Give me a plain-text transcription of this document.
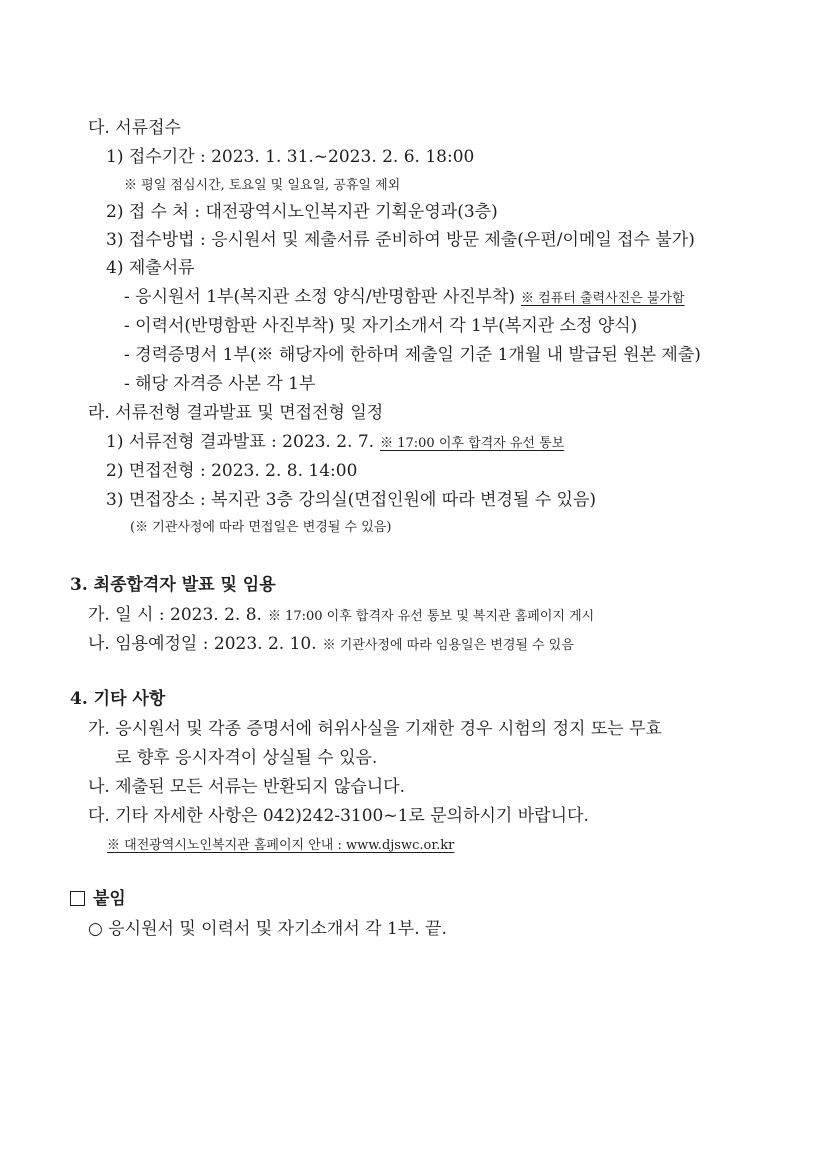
다. 서류접수
1) 접수기간 : 2023. 1. 31.~2023. 2. 6. 18:00
※ 평일 점심시간, 토요일 및 일요일, 공휴일 제외
2) 접 수 처 : 대전광역시노인복지관 기획운영과(3층)
3) 접수방법 : 응시원서 및 제출서류 준비하여 방문 제출(우편/이메일 접수 불가)
4) 제출서류
- 응시원서 1부(복지관 소정 양식/반명함판 사진부착) ※ 컴퓨터 출력사진은 불가함
- 이력서(반명함판 사진부착) 및 자기소개서 각 1부(복지관 소정 양식)
- 경력증명서 1부(※ 해당자에 한하며 제출일 기준 1개월 내 발급된 원본 제출)
- 해당 자격증 사본 각 1부
라. 서류전형 결과발표 및 면접전형 일정
1) 서류전형 결과발표 : 2023. 2. 7. ※ 17:00 이후 합격자 유선 통보
2) 면접전형 : 2023. 2. 8. 14:00
3) 면접장소 : 복지관 3층 강의실(면접인원에 따라 변경될 수 있음)
(※ 기관사정에 따라 면접일은 변경될 수 있음)
3. 최종합격자 발표 및 임용
가. 일 시 : 2023. 2. 8. ※ 17:00 이후 합격자 유선 통보 및 복지관 홈페이지 게시
나. 임용예정일 : 2023. 2. 10. ※ 기관사정에 따라 임용일은 변경될 수 있음
4. 기타 사항
가. 응시원서 및 각종 증명서에 허위사실을 기재한 경우 시험의 정지 또는 무효
로 향후 응시자격이 상실될 수 있음.
나. 제출된 모든 서류는 반환되지 않습니다.
다. 기타 자세한 사항은 042)242-3100~1로 문의하시기 바랍니다.
※ 대전광역시노인복지관 홈페이지 안내 : www.djswc.or.kr
붙임
○ 응시원서 및 이력서 및 자기소개서 각 1부. 끝.
